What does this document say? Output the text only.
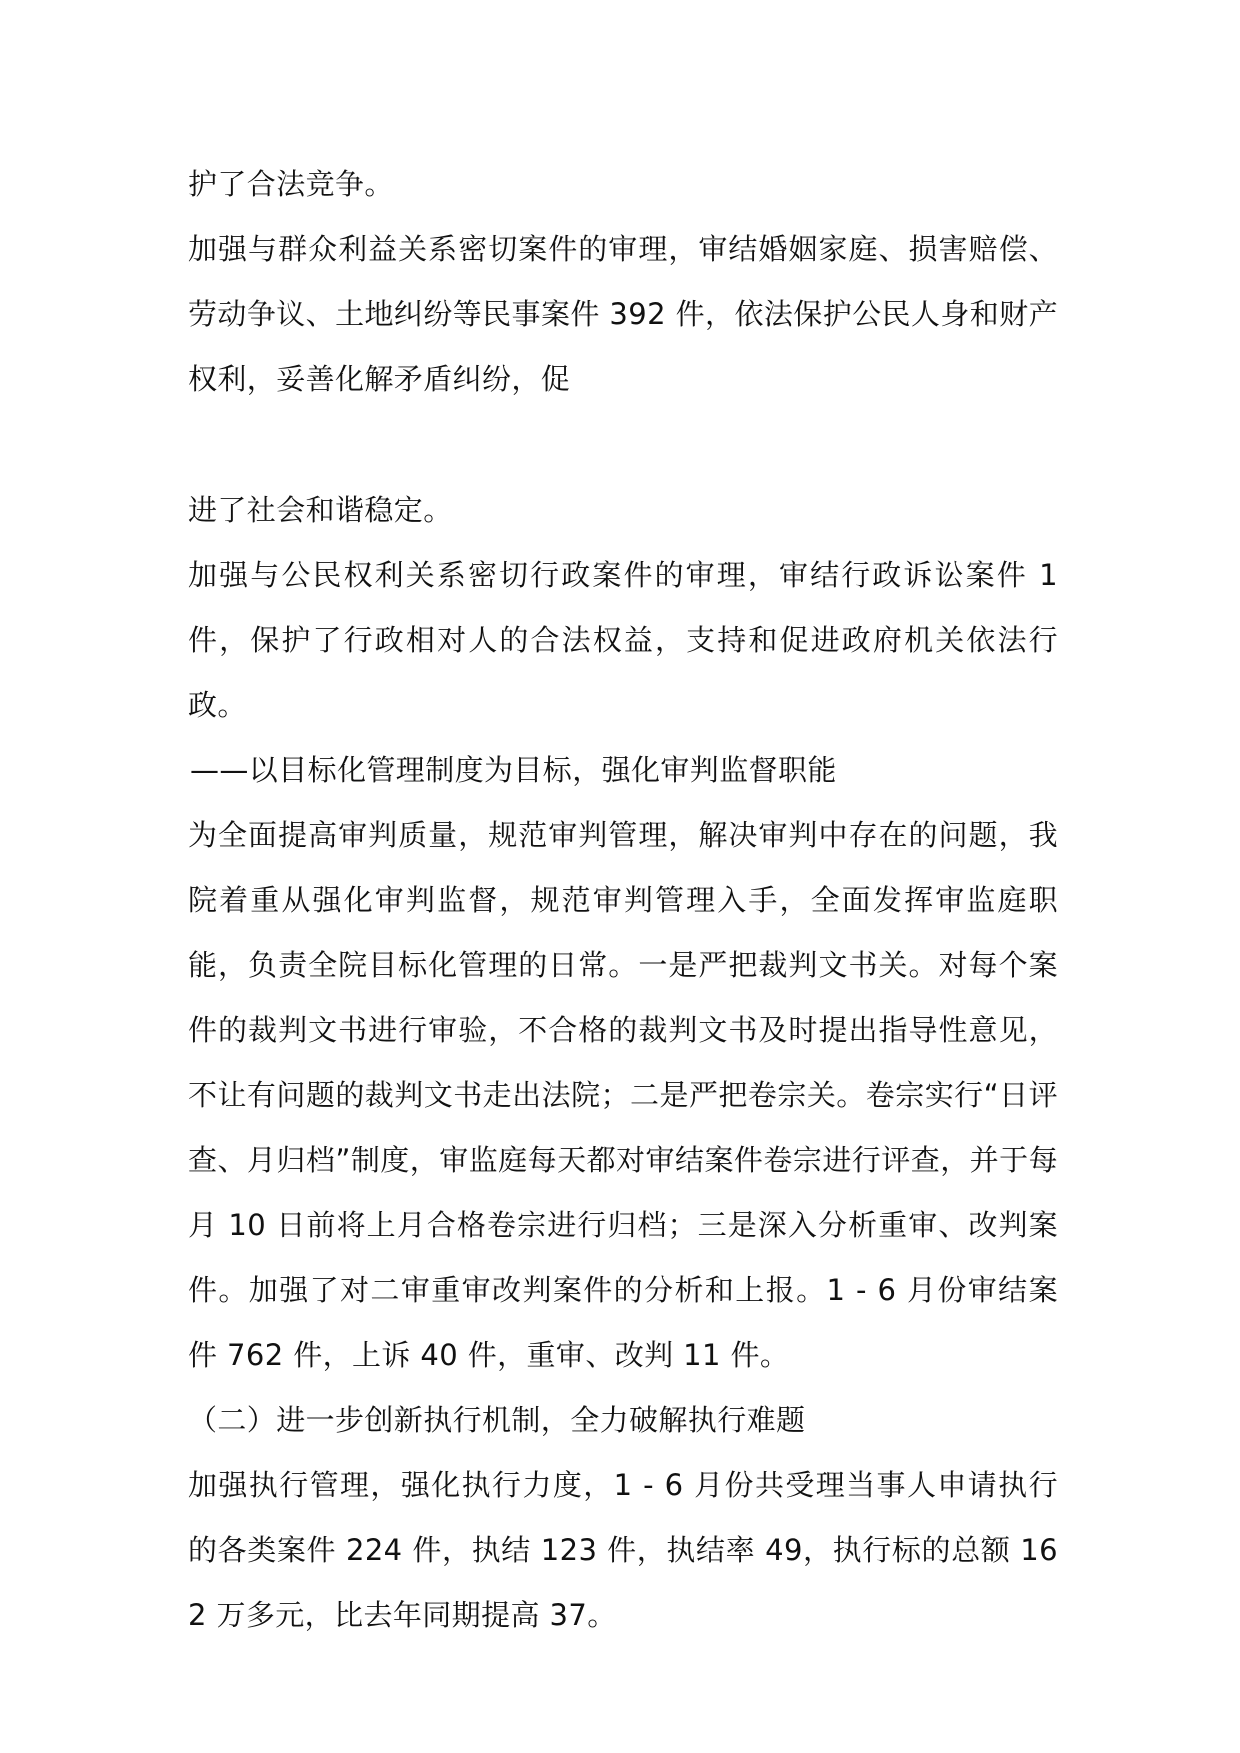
护了合法竞争。

加强与群众利益关系密切案件的审理，审结婚姻家庭、损害赔偿、劳动争议、土地纠纷等民事案件 392 件，依法保护公民人身和财产权利，妥善化解矛盾纠纷，促

进了社会和谐稳定。

加强与公民权利关系密切行政案件的审理，审结行政诉讼案件 1 件，保护了行政相对人的合法权益，支持和促进政府机关依法行政。

——以目标化管理制度为目标，强化审判监督职能

为全面提高审判质量，规范审判管理，解决审判中存在的问题，我院着重从强化审判监督，规范审判管理入手，全面发挥审监庭职能，负责全院目标化管理的日常。一是严把裁判文书关。对每个案件的裁判文书进行审验，不合格的裁判文书及时提出指导性意见，不让有问题的裁判文书走出法院；二是严把卷宗关。卷宗实行“日评查、月归档”制度，审监庭每天都对审结案件卷宗进行评查，并于每月 10 日前将上月合格卷宗进行归档；三是深入分析重审、改判案件。加强了对二审重审改判案件的分析和上报。1 - 6 月份审结案件 762 件，上诉 40 件，重审、改判 11 件。

（二）进一步创新执行机制，全力破解执行难题

加强执行管理，强化执行力度，1 - 6 月份共受理当事人申请执行的各类案件 224 件，执结 123 件，执结率 49，执行标的总额 162 万多元，比去年同期提高 37。
